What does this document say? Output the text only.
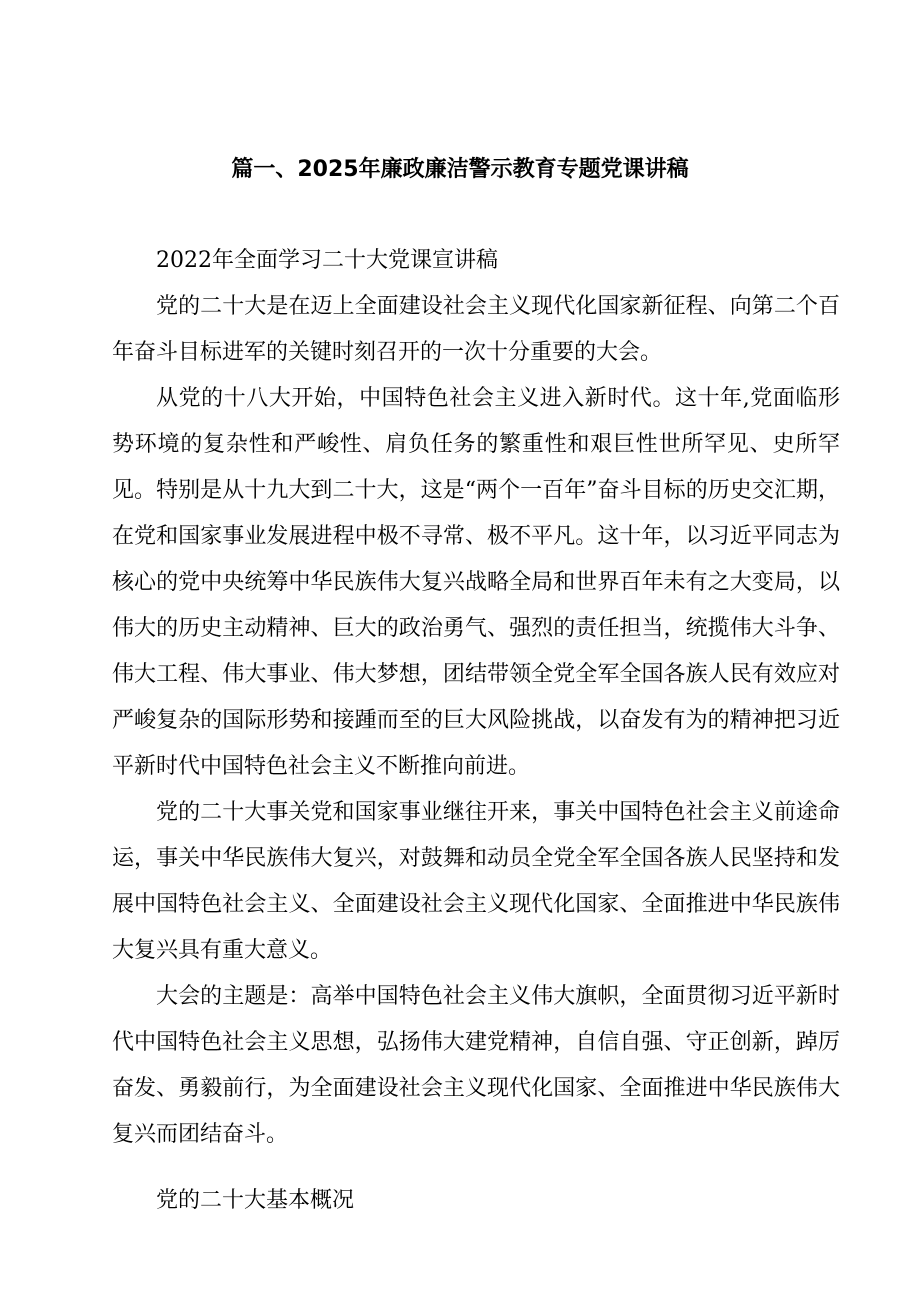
篇一、2025年廉政廉洁警示教育专题党课讲稿

2022年全面学习二十大党课宣讲稿

党的二十大是在迈上全面建设社会主义现代化国家新征程、向第二个百年奋斗目标进军的关键时刻召开的一次十分重要的大会。

从党的十八大开始，中国特色社会主义进入新时代。这十年,党面临形势环境的复杂性和严峻性、肩负任务的繁重性和艰巨性世所罕见、史所罕见。特别是从十九大到二十大，这是“两个一百年”奋斗目标的历史交汇期，在党和国家事业发展进程中极不寻常、极不平凡。这十年，以习近平同志为核心的党中央统筹中华民族伟大复兴战略全局和世界百年未有之大变局，以伟大的历史主动精神、巨大的政治勇气、强烈的责任担当，统揽伟大斗争、伟大工程、伟大事业、伟大梦想，团结带领全党全军全国各族人民有效应对严峻复杂的国际形势和接踵而至的巨大风险挑战，以奋发有为的精神把习近平新时代中国特色社会主义不断推向前进。

党的二十大事关党和国家事业继往开来，事关中国特色社会主义前途命运，事关中华民族伟大复兴，对鼓舞和动员全党全军全国各族人民坚持和发展中国特色社会主义、全面建设社会主义现代化国家、全面推进中华民族伟大复兴具有重大意义。

大会的主题是：高举中国特色社会主义伟大旗帜，全面贯彻习近平新时代中国特色社会主义思想，弘扬伟大建党精神，自信自强、守正创新，踔厉奋发、勇毅前行，为全面建设社会主义现代化国家、全面推进中华民族伟大复兴而团结奋斗。

党的二十大基本概况
